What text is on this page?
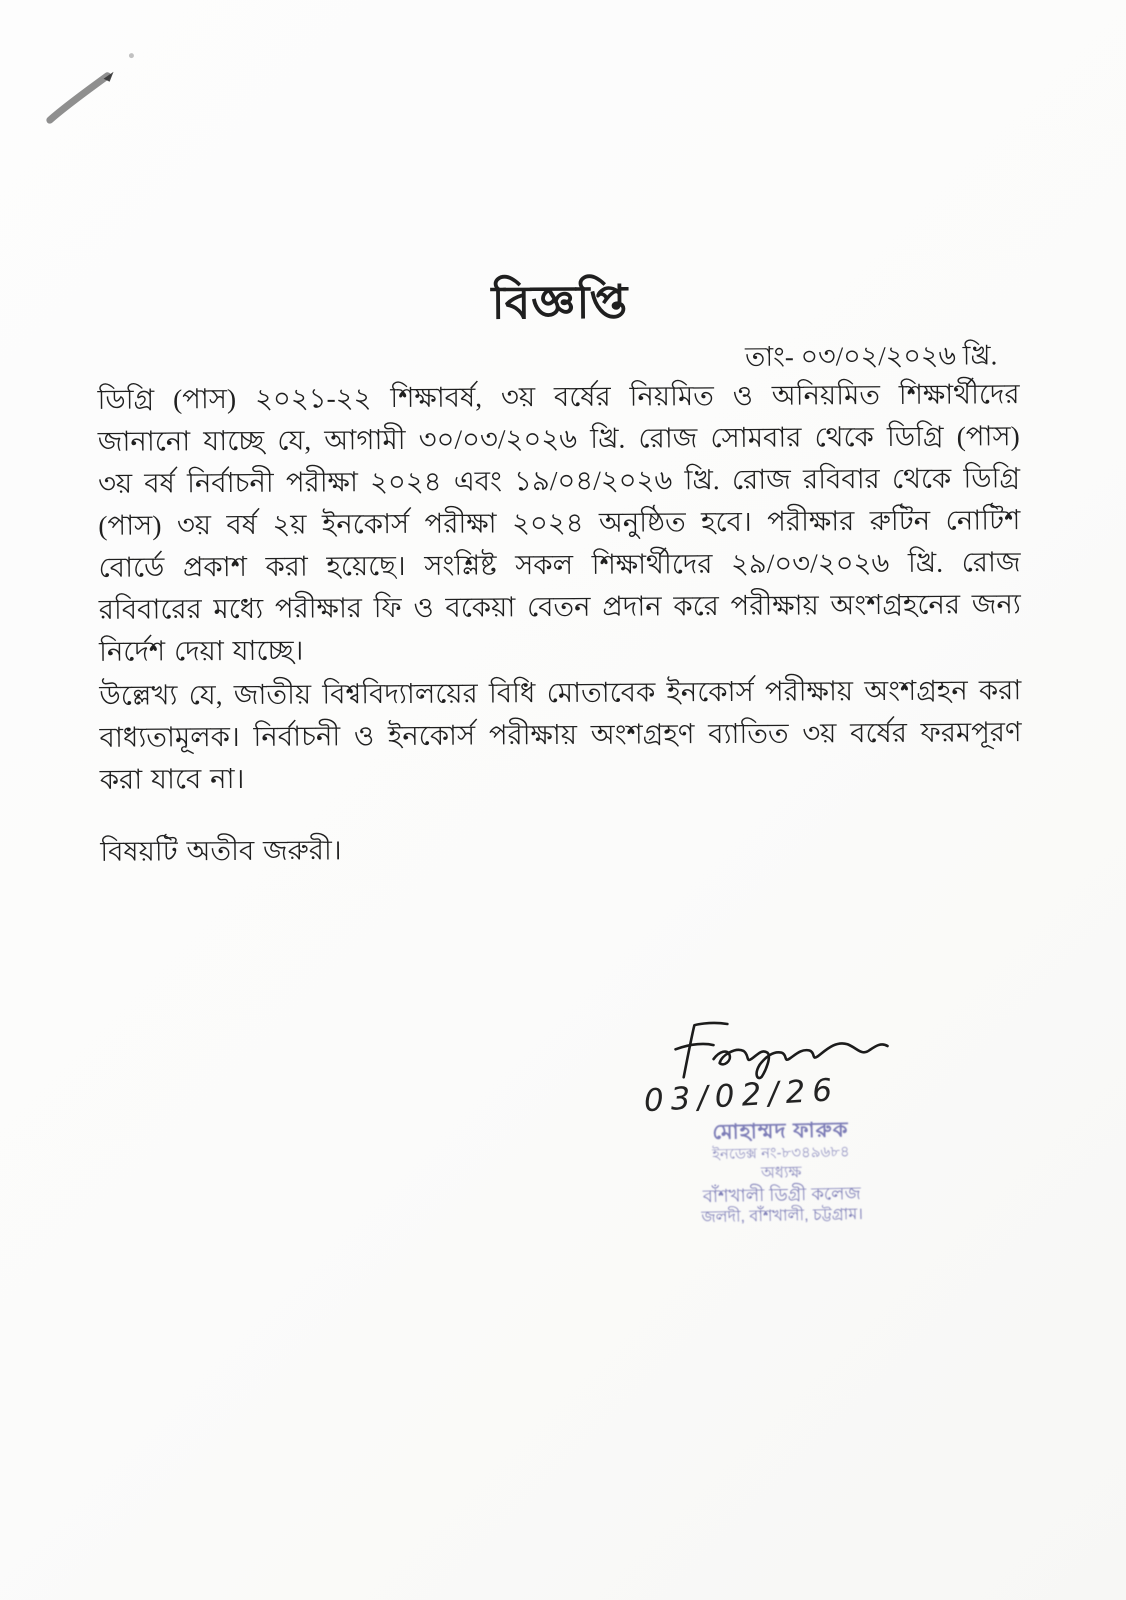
বিজ্ঞপ্তি
তাং- ০৩/০২/২০২৬ খ্রি.
ডিগ্রি (পাস) ২০২১-২২ শিক্ষাবর্ষ, ৩য় বর্ষের নিয়মিত ও অনিয়মিত শিক্ষার্থীদের জানানো যাচ্ছে যে, আগামী ৩০/০৩/২০২৬ খ্রি. রোজ সোমবার থেকে ডিগ্রি (পাস) ৩য় বর্ষ নির্বাচনী পরীক্ষা ২০২৪ এবং ১৯/০৪/২০২৬ খ্রি. রোজ রবিবার থেকে ডিগ্রি (পাস) ৩য় বর্ষ ২য় ইনকোর্স পরীক্ষা ২০২৪ অনুষ্ঠিত হবে। পরীক্ষার রুটিন নোটিশ বোর্ডে প্রকাশ করা হয়েছে। সংশ্লিষ্ট সকল শিক্ষার্থীদের ২৯/০৩/২০২৬ খ্রি. রোজ রবিবারের মধ্যে পরীক্ষার ফি ও বকেয়া বেতন প্রদান করে পরীক্ষায় অংশগ্রহনের জন্য নির্দেশ দেয়া যাচ্ছে।
উল্লেখ্য যে, জাতীয় বিশ্ববিদ্যালয়ের বিধি মোতাবেক ইনকোর্স পরীক্ষায় অংশগ্রহন করা বাধ্যতামূলক। নির্বাচনী ও ইনকোর্স পরীক্ষায় অংশগ্রহণ ব্যাতিত ৩য় বর্ষের ফরমপূরণ করা যাবে না।
বিষয়টি অতীব জরুরী।
03/02/26
মোহাম্মদ ফারুক
ইনডেক্স নং-৮৩৪৯৬৮৪
অধ্যক্ষ
বাঁশখালী ডিগ্রী কলেজ
জলদী, বাঁশখালী, চট্টগ্রাম।
